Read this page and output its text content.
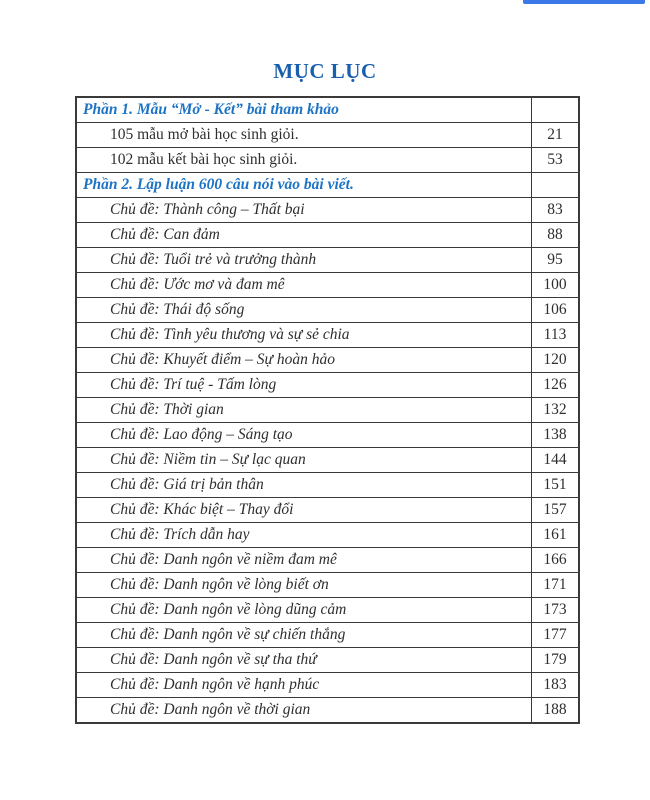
MỤC LỤC
Phần 1. Mẫu “Mở - Kết” bài tham khảo	
105 mẫu mở bài học sinh giỏi.	21
102 mẫu kết bài học sinh giỏi.	53
Phần 2. Lập luận 600 câu nói vào bài viết.	
Chủ đề: Thành công – Thất bại	83
Chủ đề: Can đảm	88
Chủ đề: Tuổi trẻ và trưởng thành	95
Chủ đề: Ước mơ và đam mê	100
Chủ đề: Thái độ sống	106
Chủ đề: Tình yêu thương và sự sẻ chia	113
Chủ đề: Khuyết điểm – Sự hoàn hảo	120
Chủ đề: Trí tuệ - Tấm lòng	126
Chủ đề: Thời gian	132
Chủ đề: Lao động – Sáng tạo	138
Chủ đề: Niềm tin – Sự lạc quan	144
Chủ đề: Giá trị bản thân	151
Chủ đề: Khác biệt – Thay đổi	157
Chủ đề: Trích dẫn hay	161
Chủ đề: Danh ngôn về niềm đam mê	166
Chủ đề: Danh ngôn về lòng biết ơn	171
Chủ đề: Danh ngôn về lòng dũng cảm	173
Chủ đề: Danh ngôn về sự chiến thắng	177
Chủ đề: Danh ngôn về sự tha thứ	179
Chủ đề: Danh ngôn về hạnh phúc	183
Chủ đề: Danh ngôn về thời gian	188
